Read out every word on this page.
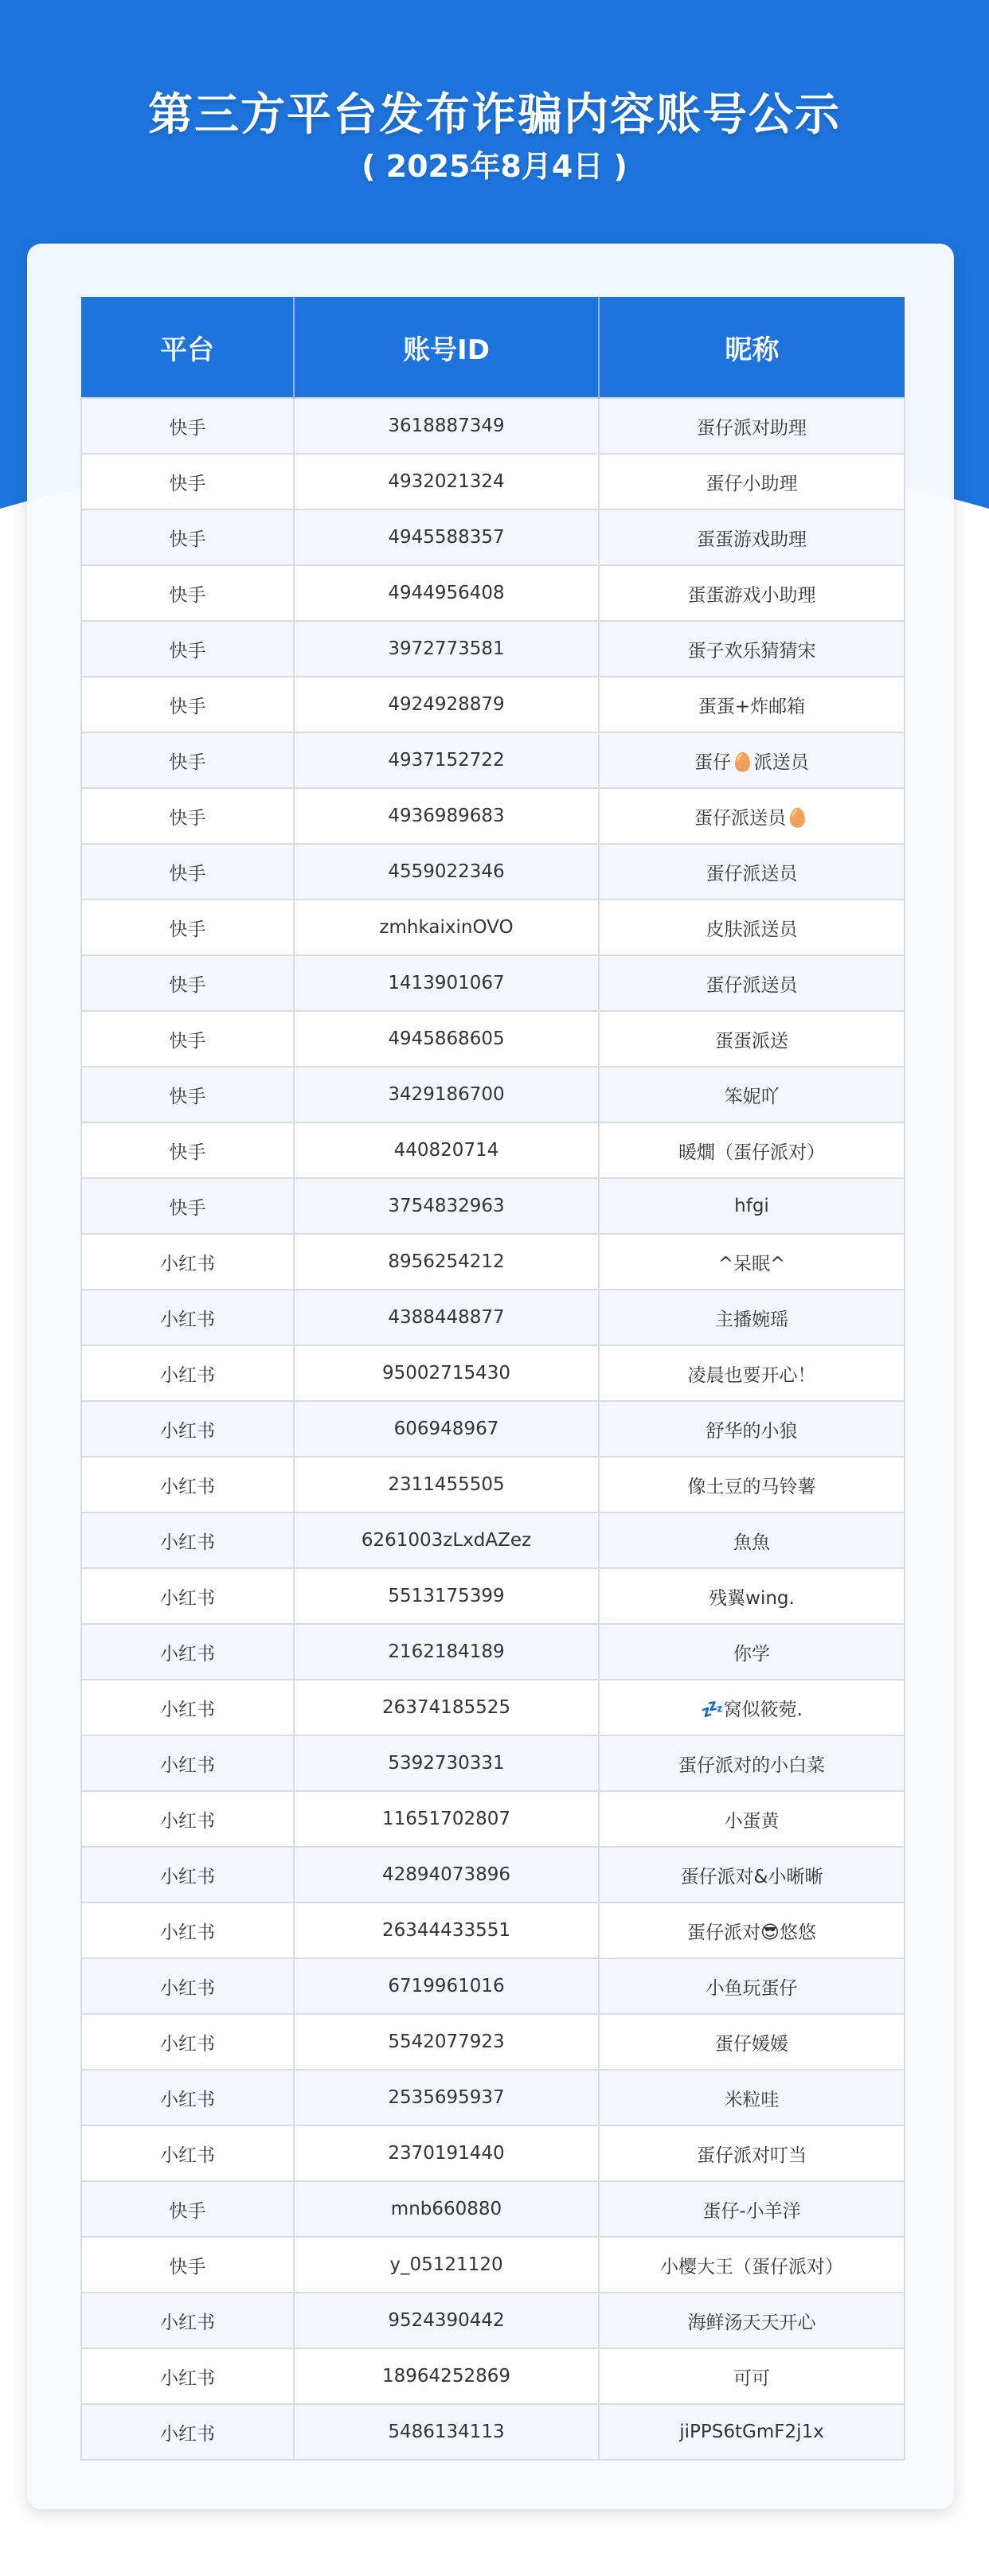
第三方平台发布诈骗内容账号公示
( 2025年8月4日 )
平台	账号ID	昵称
快手	3618887349	蛋仔派对助理
快手	4932021324	蛋仔小助理
快手	4945588357	蛋蛋游戏助理
快手	4944956408	蛋蛋游戏小助理
快手	3972773581	蛋子欢乐猜猜宋
快手	4924928879	蛋蛋+炸邮箱
快手	4937152722	蛋仔🥚派送员
快手	4936989683	蛋仔派送员🥚
快手	4559022346	蛋仔派送员
快手	zmhkaixinOVO	皮肤派送员
快手	1413901067	蛋仔派送员
快手	4945868605	蛋蛋派送
快手	3429186700	笨妮吖
快手	440820714	暖燗（蛋仔派对）
快手	3754832963	hfgi
小红书	8956254212	^呆眠^
小红书	4388448877	主播婉瑶
小红书	95002715430	凌晨也要开心！
小红书	606948967	舒华的小狼
小红书	2311455505	像土豆的马铃薯
小红书	6261003zLxdAZez	魚魚
小红书	5513175399	残翼wing.
小红书	2162184189	你学
小红书	26374185525	💤窝似筱菀.
小红书	5392730331	蛋仔派对的小白菜
小红书	11651702807	小蛋黄
小红书	42894073896	蛋仔派对&小晰晰
小红书	26344433551	蛋仔派对😎悠悠
小红书	6719961016	小鱼玩蛋仔
小红书	5542077923	蛋仔媛媛
小红书	2535695937	米粒哇
小红书	2370191440	蛋仔派对叮当
快手	mnb660880	蛋仔-小羊洋
快手	y_05121120	小樱大王（蛋仔派对）
小红书	9524390442	海鲜汤天天开心
小红书	18964252869	可可
小红书	5486134113	jiPPS6tGmF2j1x
